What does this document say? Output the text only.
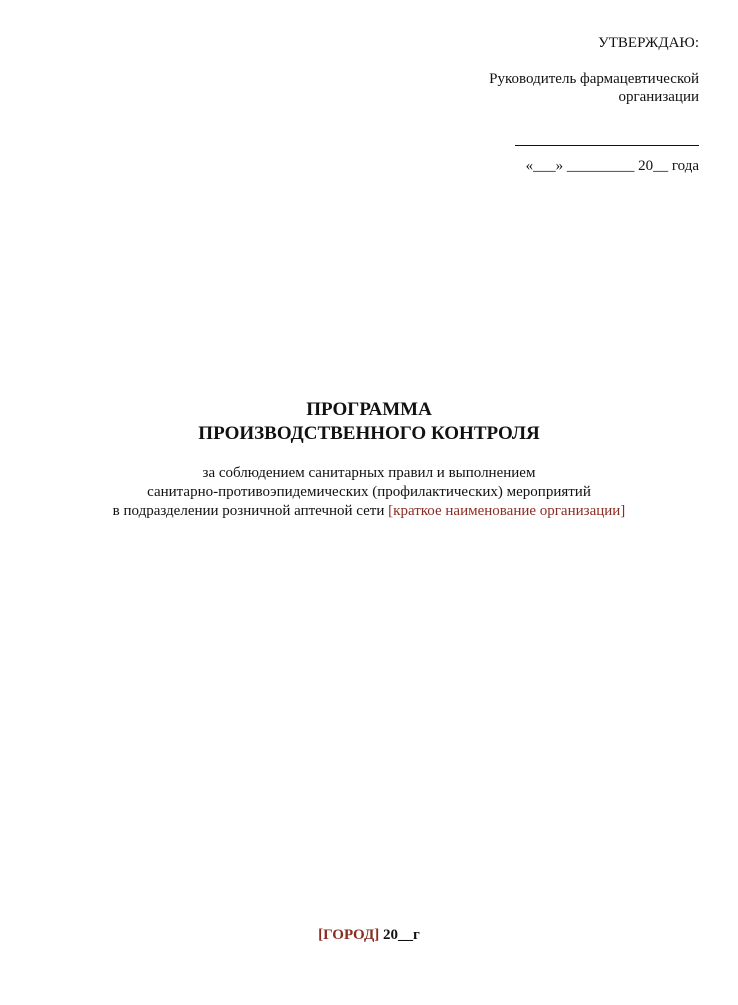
УТВЕРЖДАЮ:
Руководитель фармацевтической
организации
«___» _________ 20__ года
ПРОГРАММА
ПРОИЗВОДСТВЕННОГО КОНТРОЛЯ
за соблюдением санитарных правил и выполнением
санитарно-противоэпидемических (профилактических) мероприятий
в подразделении розничной аптечной сети [краткое наименование организации]
[ГОРОД] 20__г
